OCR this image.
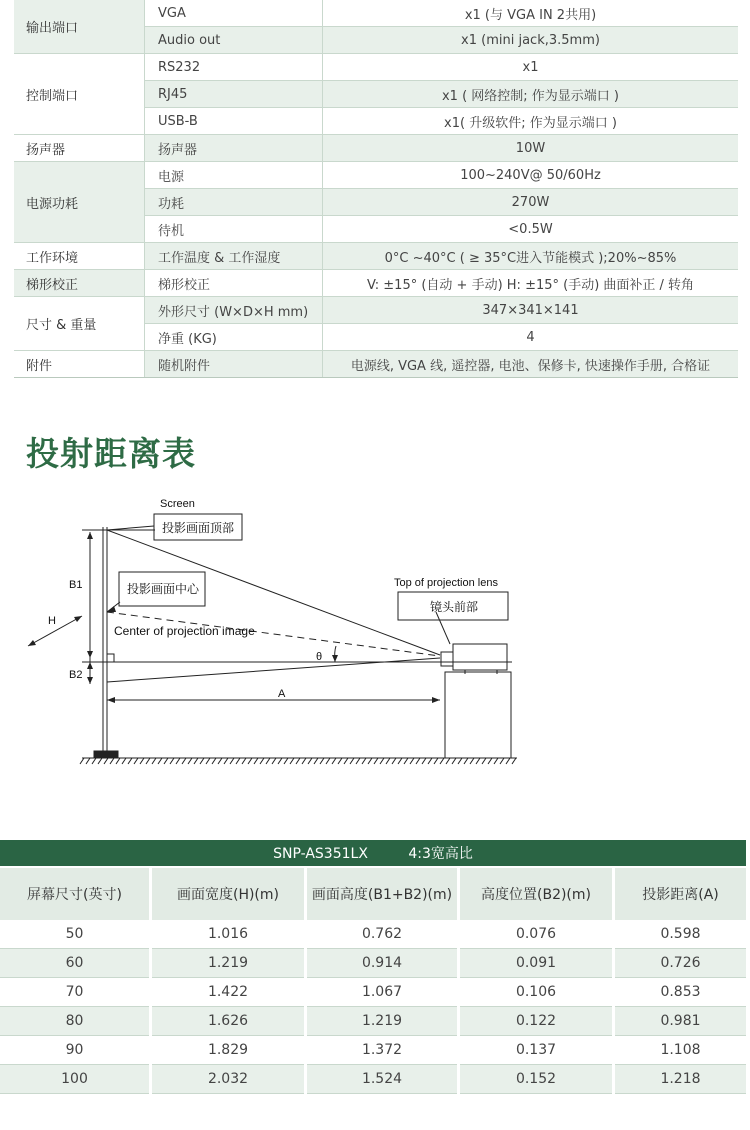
输出端口	VGA	x1 (与 VGA IN 2共用)
	Audio out	x1 (mini jack,3.5mm)
控制端口	RS232	x1
	RJ45	x1 ( 网络控制; 作为显示端口 )
	USB-B	x1( 升级软件; 作为显示端口 )
扬声器	扬声器	10W
电源功耗	电源	100~240V@ 50/60Hz
	功耗	270W
	待机	<0.5W
工作环境	工作温度 & 工作湿度	0°C ~40°C ( ≥ 35°C进入节能模式 );20%~85%
梯形校正	梯形校正	V: ±15° (自动 + 手动) H: ±15° (手动) 曲面补正 / 转角
尺寸 & 重量	外形尺寸 (W×D×H mm)	347×341×141
	净重 (KG)	4
附件	随机附件	电源线, VGA 线, 遥控器, 电池、保修卡, 快速操作手册, 合格证
投射距离表
Screen
投影画面顶部
投影画面中心
Center of projection image
Top of projection lens
镜头前部
B1
B2
H
A
θ
SNP-AS351LX 4:3宽高比				
屏幕尺寸(英寸)	画面宽度(H)(m)	画面高度(B1+B2)(m)	高度位置(B2)(m)	投影距离(A)
50	1.016	0.762	0.076	0.598
60	1.219	0.914	0.091	0.726
70	1.422	1.067	0.106	0.853
80	1.626	1.219	0.122	0.981
90	1.829	1.372	0.137	1.108
100	2.032	1.524	0.152	1.218
